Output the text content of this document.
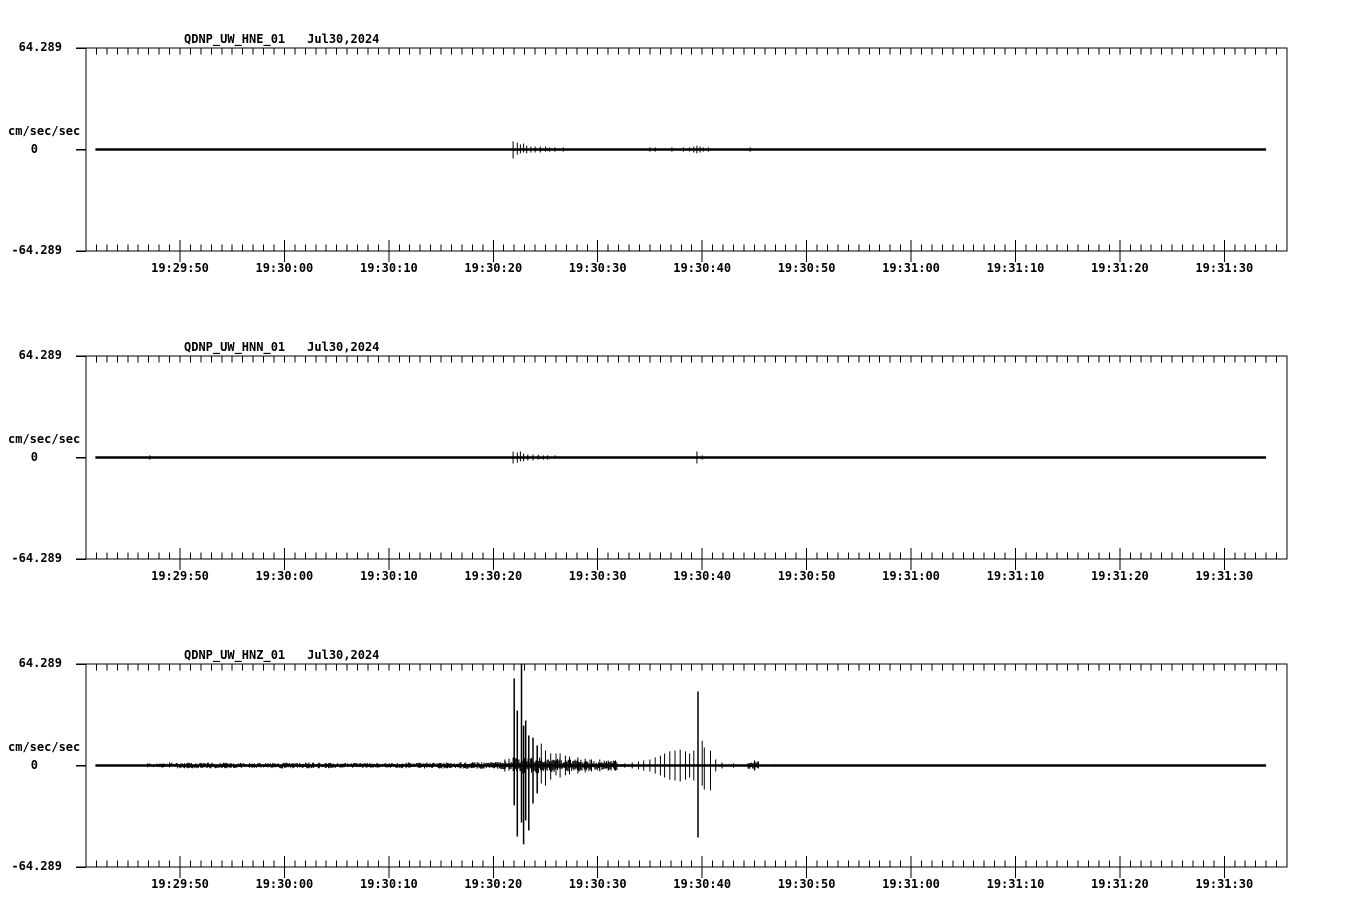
QDNP_UW_HNE_01 Jul30,2024
64.289
cm/sec/sec
0
-64.289
19:29:50	19:30:00	19:30:10	19:30:20	19:30:30	19:30:40	19:30:50	19:31:00	19:31:10	19:31:20	19:31:30
QDNP_UW_HNN_01 Jul30,2024
64.289
cm/sec/sec
0
-64.289
19:29:50	19:30:00	19:30:10	19:30:20	19:30:30	19:30:40	19:30:50	19:31:00	19:31:10	19:31:20	19:31:30
QDNP_UW_HNZ_01 Jul30,2024
64.289
cm/sec/sec
0
-64.289
19:29:50	19:30:00	19:30:10	19:30:20	19:30:30	19:30:40	19:30:50	19:31:00	19:31:10	19:31:20	19:31:30
